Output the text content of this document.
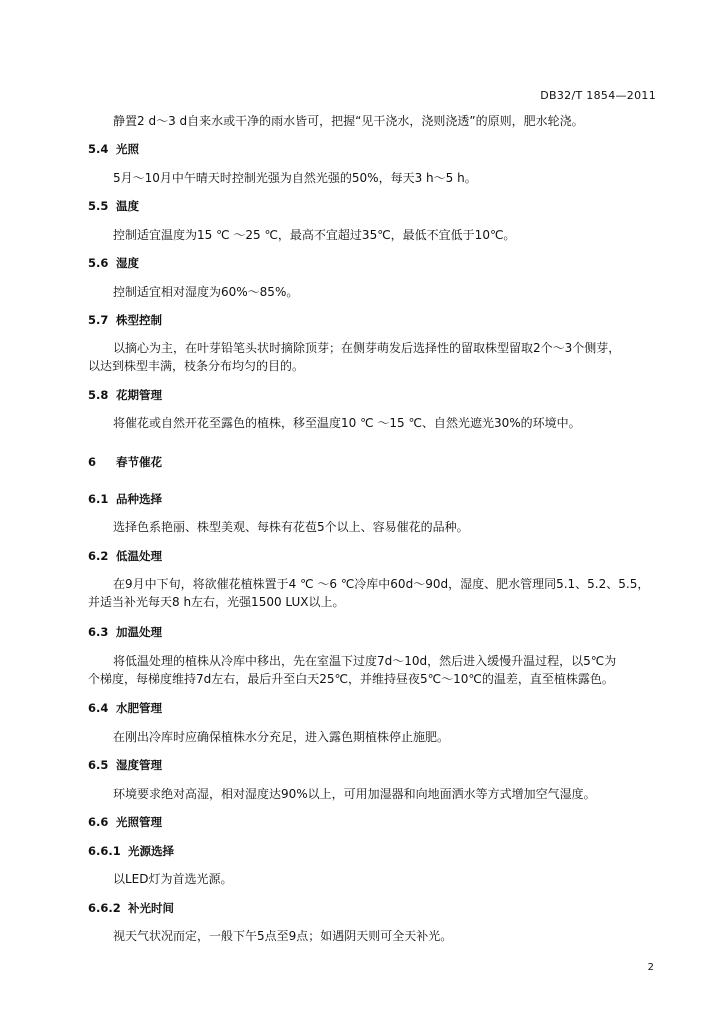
DB32/T 1854—2011
静置2 d～3 d自来水或干净的雨水皆可，把握“见干浇水，浇则浇透”的原则，肥水轮浇。
5.4 光照
5月～10月中午晴天时控制光强为自然光强的50%，每天3 h～5 h。
5.5 温度
控制适宜温度为15 ℃ ～25 ℃，最高不宜超过35℃，最低不宜低于10℃。
5.6 湿度
控制适宜相对湿度为60%～85%。
5.7 株型控制
以摘心为主，在叶芽铅笔头状时摘除顶芽；在侧芽萌发后选择性的留取株型留取2个～3个侧芽，
以达到株型丰满，枝条分布均匀的目的。
5.8 花期管理
将催花或自然开花至露色的植株，移至温度10 ℃ ～15 ℃、自然光遮光30%的环境中。
6 春节催花
6.1 品种选择
选择色系艳丽、株型美观、每株有花苞5个以上、容易催花的品种。
6.2 低温处理
在9月中下旬，将欲催花植株置于4 ℃ ～6 ℃冷库中60d～90d，湿度、肥水管理同5.1、5.2、5.5，
并适当补光每天8 h左右，光强1500 LUX以上。
6.3 加温处理
将低温处理的植株从冷库中移出，先在室温下过度7d～10d，然后进入缓慢升温过程，以5℃为
个梯度，每梯度维持7d左右，最后升至白天25℃，并维持昼夜5℃～10℃的温差，直至植株露色。
6.4 水肥管理
在刚出冷库时应确保植株水分充足，进入露色期植株停止施肥。
6.5 湿度管理
环境要求绝对高湿，相对湿度达90%以上，可用加湿器和向地面洒水等方式增加空气湿度。
6.6 光照管理
6.6.1 光源选择
以LED灯为首选光源。
6.6.2 补光时间
视天气状况而定，一般下午5点至9点；如遇阴天则可全天补光。
2
